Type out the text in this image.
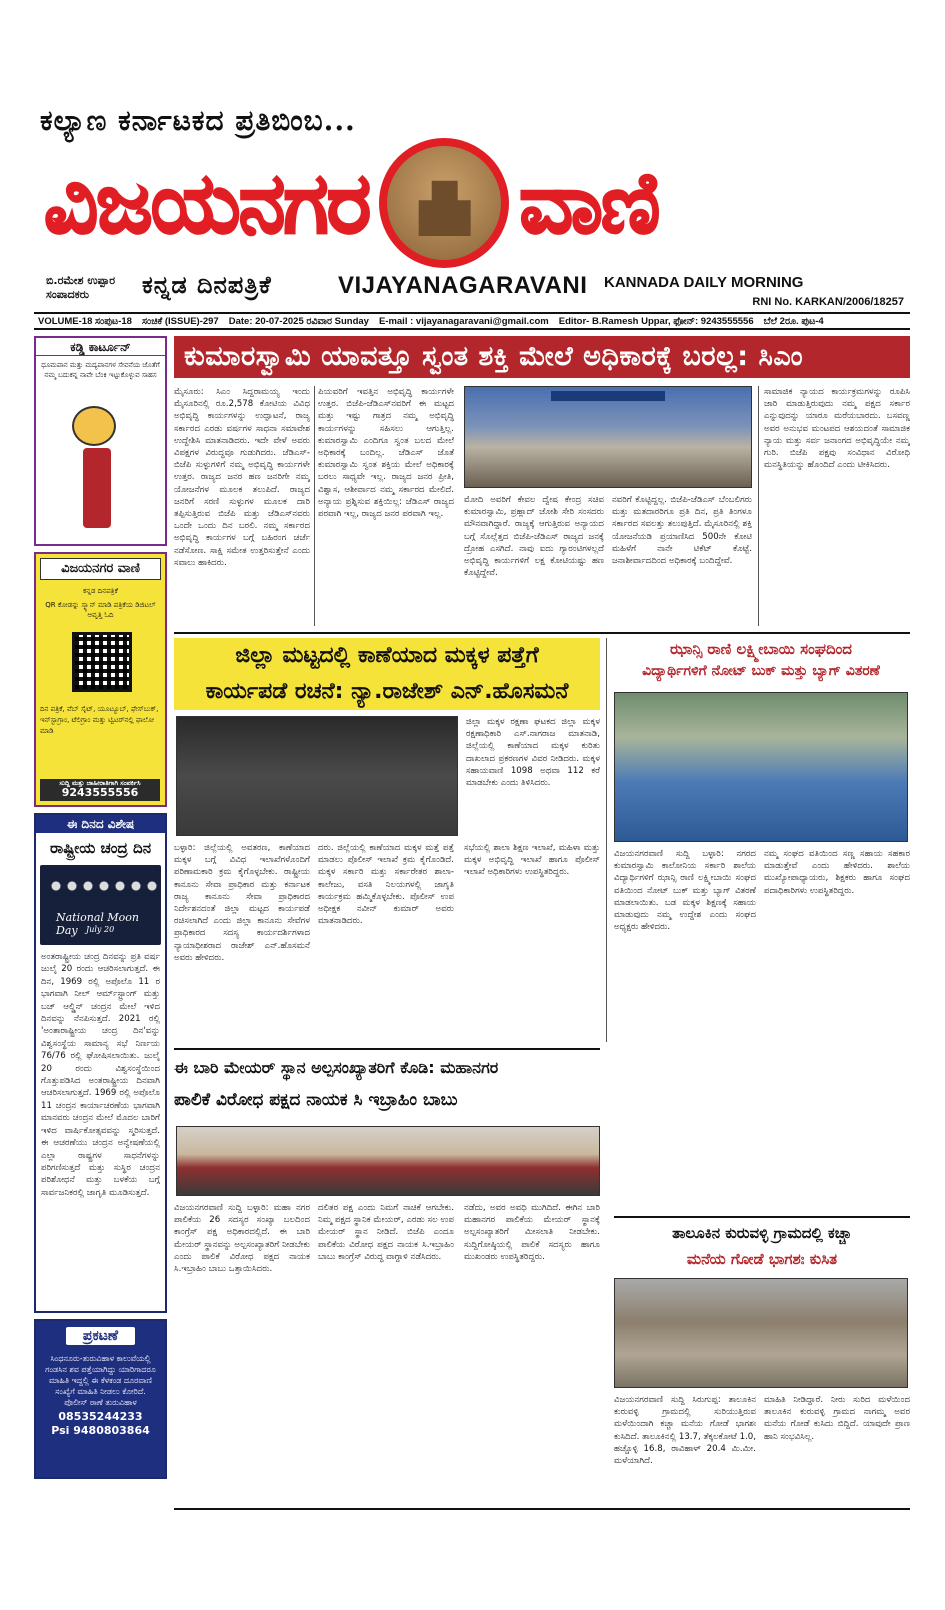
ಕಲ್ಯಾಣ ಕರ್ನಾಟಕದ ಪ್ರತಿಬಿಂಬ...
ವಿಜಯನಗರ ವಾಣಿ
ಬಿ.ರಮೇಶ ಉಪ್ಪಾರ ಸಂಪಾದಕರು	ಕನ್ನಡ ದಿನಪತ್ರಿಕೆ	VIJAYANAGARAVANI KANNADA DAILY MORNING
RNI No. KARKAN/2006/18257
VOLUME-18 ಸಂಪುಟ-18 ಸಂಚಿಕೆ (ISSUE)-297 Date: 20-07-2025 ರವಿವಾರ Sunday E-mail : vijayanagaravani@gmail.com Editor- B.Ramesh Uppar, ಫೋನ್: 9243555556 ಬೆಲೆ 2ರೂ. ಪುಟ-4
ಕಡ್ಡಿ ಕಾರ್ಟೂನ್
ಧೂಮಪಾನ ಮತ್ತು ಮದ್ಯಪಾನಗಳ ಸೇವನೆಯ ಜೊತೆಗೆ ನಮ್ಮ ಬದುಕನ್ನ ನಾವೇ ಬೆಂಕಿ ಇಟ್ಟುಕೊಳ್ಳುವ ಸಾಹಸ
ವಿಜಯನಗರ ವಾಣಿ
ಕನ್ನಡ ದಿನಪತ್ರಿಕೆ
QR ಕೋಡನ್ನು ಸ್ಕ್ಯಾನ್ ಮಾಡಿ ಪತ್ರಿಕೆಯ ಡಿಜಿಟಲ್ ಆವೃತ್ತಿ ಓದಿ
ದಿನ ಪತ್ರಿಕೆ, ವೆಬ್ ಸೈಟ್, ಯೂಟ್ಯೂಬ್, ಫೇಸ್‌ಬುಕ್, ಇನ್‌ಸ್ಟಾಗ್ರಾಂ, ಟೆಲಿಗ್ರಾಂ ಮತ್ತು ಟ್ವಿಟರ್‌ನಲ್ಲಿ ಫಾಲೋ ಮಾಡಿ
ಸುದ್ದಿ ಮತ್ತು ಜಾಹೀರಾತಿಗಾಗಿ ಸಂಪರ್ಕಿಸಿ
9243555556
ಈ ದಿನದ ವಿಶೇಷ
ರಾಷ್ಟ್ರೀಯ ಚಂದ್ರ ದಿನ
National Moon Day	July 20
ಅಂತರಾಷ್ಟ್ರೀಯ ಚಂದ್ರ ದಿನವನ್ನು ಪ್ರತಿ ವರ್ಷ ಜುಲೈ 20 ರಂದು ಆಚರಿಸಲಾಗುತ್ತದೆ. ಈ ದಿನ, 1969 ರಲ್ಲಿ ಅಪೊಲೊ 11 ರ ಭಾಗವಾಗಿ ನೀಲ್ ಆರ್ಮ್‌ಸ್ಟ್ರಾಂಗ್ ಮತ್ತು ಬಜ್ ಆಲ್ಡ್ರಿನ್ ಚಂದ್ರನ ಮೇಲೆ ಇಳಿದ ದಿನವನ್ನು ನೆನಪಿಸುತ್ತದೆ. 2021 ರಲ್ಲಿ 'ಅಂತಾರಾಷ್ಟ್ರೀಯ ಚಂದ್ರ ದಿನ'ವನ್ನು ವಿಶ್ವಸಂಸ್ಥೆಯ ಸಾಮಾನ್ಯ ಸಭೆ ನಿರ್ಣಯ 76/76 ರಲ್ಲಿ ಘೋಷಿಸಲಾಯಿತು. ಜುಲೈ 20 ರಂದು ವಿಶ್ವಸಂಸ್ಥೆಯಿಂದ ಗೊತ್ತುಪಡಿಸಿದ ಅಂತರಾಷ್ಟ್ರೀಯ ದಿನವಾಗಿ ಆಚರಿಸಲಾಗುತ್ತದೆ. 1969 ರಲ್ಲಿ ಅಪೊಲೊ 11 ಚಂದ್ರನ ಕಾರ್ಯಾಚರಣೆಯ ಭಾಗವಾಗಿ ಮಾನವರು ಚಂದ್ರನ ಮೇಲೆ ಮೊದಲ ಬಾರಿಗೆ ಇಳಿದ ವಾರ್ಷಿಕೋತ್ಸವವನ್ನು ಸ್ಮರಿಸುತ್ತದೆ. ಈ ಆಚರಣೆಯು ಚಂದ್ರನ ಅನ್ವೇಷಣೆಯಲ್ಲಿ ಎಲ್ಲಾ ರಾಷ್ಟ್ರಗಳ ಸಾಧನೆಗಳನ್ನು ಪರಿಗಣಿಸುತ್ತದೆ ಮತ್ತು ಸುಸ್ಥಿರ ಚಂದ್ರನ ಪರಿಶೋಧನೆ ಮತ್ತು ಬಳಕೆಯ ಬಗ್ಗೆ ಸಾರ್ವಜನಿಕರಲ್ಲಿ ಜಾಗೃತಿ ಮೂಡಿಸುತ್ತದೆ.
ಪ್ರಕಟಣೆ
ಸಿಂಧನೂರು-ತುರುವಿಹಾಳ ಕಾಲುವೆಯಲ್ಲಿ ಗಂಡಸಿನ ಶವ ಪತ್ತೆಯಾಗಿದ್ದು ಯಾರಿಗಾದರೂ ಮಾಹಿತಿ ಇದ್ದಲ್ಲಿ ಈ ಕೆಳಕಂಡ ದೂರವಾಣಿ ಸಂಖ್ಯೆಗೆ ಮಾಹಿತಿ ನೀಡಲು ಕೋರಿದೆ. ಪೊಲೀಸ್ ಠಾಣೆ ತುರುವಿಹಾಳ
08535244233
Psi 9480803864
ಕುಮಾರಸ್ವಾಮಿ ಯಾವತ್ತೂ ಸ್ವಂತ ಶಕ್ತಿ ಮೇಲೆ ಅಧಿಕಾರಕ್ಕೆ ಬರಲ್ಲ: ಸಿಎಂ
ಮೈಸೂರು: ಸಿಎಂ ಸಿದ್ದರಾಮಯ್ಯ ಇಂದು ಮೈಸೂರಿನಲ್ಲಿ ರೂ.2,578 ಕೋಟಿಯ ವಿವಿಧ ಅಭಿವೃದ್ಧಿ ಕಾರ್ಯಗಳನ್ನು ಉದ್ಘಾಟನೆ, ರಾಜ್ಯ ಸರ್ಕಾರದ ಎರಡು ವರ್ಷಗಳ ಸಾಧನಾ ಸಮಾವೇಶ ಉದ್ದೇಶಿಸಿ ಮಾತನಾಡಿದರು. ಇದೇ ವೇಳೆ ಅವರು ವಿಪಕ್ಷಗಳ ವಿರುದ್ಧವೂ ಗುಡುಗಿದರು. ಜೆಡಿಎಸ್-ಬಿಜೆಪಿ ಸುಳ್ಳುಗಳಿಗೆ ನಮ್ಮ ಅಭಿವೃದ್ಧಿ ಕಾರ್ಯಗಳೇ ಉತ್ತರ. ರಾಜ್ಯದ ಜನರ ಹಣ ಜನರಿಗೇ ನಮ್ಮ ಯೋಜನೆಗಳ ಮೂಲಕ ತಲುಪಿದೆ. ರಾಜ್ಯದ ಜನರಿಗೆ ಸರಣಿ ಸುಳ್ಳುಗಳ ಮೂಲಕ ದಾರಿ ತಪ್ಪಿಸುತ್ತಿರುವ ಬಿಜೆಪಿ ಮತ್ತು ಜೆಡಿಎಸ್‌ನವರು ಒಂದೇ ಒಂದು ದಿನ ಬರಲಿ. ನಮ್ಮ ಸರ್ಕಾರದ ಅಭಿವೃದ್ಧಿ ಕಾರ್ಯಗಳ ಬಗ್ಗೆ ಬಹಿರಂಗ ಚರ್ಚೆ ನಡೆಸೋಣ. ಸಾಕ್ಷಿ ಸಮೇತ ಉತ್ತರಿಸುತ್ತೇನೆ ಎಂದು ಸವಾಲು ಹಾಕಿದರು.
ಪಿಯವರಿಗೆ ಇವತ್ತಿನ ಅಭಿವೃದ್ಧಿ ಕಾರ್ಯಗಳೇ ಉತ್ತರ. ಬಿಜೆಪಿ-ಜೆಡಿಎಸ್‌ನವರಿಗೆ ಈ ಮಟ್ಟದ ಮತ್ತು ಇಷ್ಟು ಗಾತ್ರದ ನಮ್ಮ ಅಭಿವೃದ್ಧಿ ಕಾರ್ಯಗಳನ್ನು ಸಹಿಸಲು ಆಗುತ್ತಿಲ್ಲ. ಕುಮಾರಸ್ವಾಮಿ ಎಂದಿಗೂ ಸ್ವಂತ ಬಲದ ಮೇಲೆ ಅಧಿಕಾರಕ್ಕೆ ಬಂದಿಲ್ಲ. ಜೆಡಿಎಸ್ ಜೊತೆ ಕುಮಾರಸ್ವಾಮಿ ಸ್ವಂತ ಶಕ್ತಿಯ ಮೇಲೆ ಅಧಿಕಾರಕ್ಕೆ ಬರಲು ಸಾಧ್ಯವೇ ಇಲ್ಲ. ರಾಜ್ಯದ ಜನರ ಪ್ರೀತಿ, ವಿಶ್ವಾಸ, ಆಶೀರ್ವಾದ ನಮ್ಮ ಸರ್ಕಾರದ ಮೇಲಿದೆ. ಅನ್ಯಾಯ ಪ್ರಶ್ನಿಸುವ ಶಕ್ತಿಯಿಲ್ಲ: ಜೆಡಿಎಸ್ ರಾಜ್ಯದ ಪರವಾಗಿ ಇಲ್ಲ, ರಾಜ್ಯದ ಜನರ ಪರವಾಗಿ ಇಲ್ಲ.
ಮೋದಿ ಅವರಿಗೆ ಕೇವಲ ದ್ವೇಷ ಕೇಂದ್ರ ಸಚಿವ ಕುಮಾರಸ್ವಾಮಿ, ಪ್ರಹ್ಲಾದ್ ಜೋಶಿ ಸೇರಿ ಸಂಸದರು ಮೌನವಾಗಿದ್ದಾರೆ. ರಾಜ್ಯಕ್ಕೆ ಆಗುತ್ತಿರುವ ಅನ್ಯಾಯದ ಬಗ್ಗೆ ಸೊಲ್ಲೆತ್ತದ ಬಿಜೆಪಿ-ಜೆಡಿಎಸ್ ರಾಜ್ಯದ ಜನಕ್ಕೆ ದ್ರೋಹ ಎಸಗಿದೆ. ನಾವು ಐದು ಗ್ಯಾರಂಟಿಗಳಲ್ಲದೆ ಅಭಿವೃದ್ಧಿ ಕಾರ್ಯಗಳಿಗೆ ಲಕ್ಷ ಕೋಟಿಯಷ್ಟು ಹಣ ಕೊಟ್ಟಿದ್ದೇವೆ.
ನವರಿಗೆ ಕೊಟ್ಟಿದ್ದಲ್ಲ. ಬಿಜೆಪಿ-ಜೆಡಿಎಸ್ ಬೆಂಬಲಿಗರು ಮತ್ತು ಮತದಾರರಿಗೂ ಪ್ರತಿ ದಿನ, ಪ್ರತಿ ತಿಂಗಳೂ ಸರ್ಕಾರದ ಸವಲತ್ತು ತಲುಪುತ್ತಿದೆ. ಮೈಸೂರಿನಲ್ಲಿ ಶಕ್ತಿ ಯೋಜನೆಯಡಿ ಪ್ರಯಾಣಿಸಿದ 500ನೇ ಕೋಟಿ ಮಹಿಳೆಗೆ ನಾನೇ ಟಿಕೆಟ್ ಕೊಟ್ಟೆ. ಜನಾಶೀರ್ವಾದದಿಂದ ಅಧಿಕಾರಕ್ಕೆ ಬಂದಿದ್ದೇವೆ.
ಸಾಮಾಜಿಕ ನ್ಯಾಯದ ಕಾರ್ಯಕ್ರಮಗಳನ್ನು ರೂಪಿಸಿ ಜಾರಿ ಮಾಡುತ್ತಿರುವುದು ನಮ್ಮ ಪಕ್ಷದ ಸರ್ಕಾರ ಎನ್ನುವುದನ್ನು ಯಾರೂ ಮರೆಯಬಾರದು. ಬಸವಣ್ಣ ಅವರ ಅನುಭವ ಮಂಟಪದ ಆಶಯದಂತೆ ಸಾಮಾಜಿಕ ನ್ಯಾಯ ಮತ್ತು ಸರ್ವ ಜನಾಂಗದ ಅಭಿವೃದ್ಧಿಯೇ ನಮ್ಮ ಗುರಿ. ಬಿಜೆಪಿ ಪಕ್ಷವು ಸಂವಿಧಾನ ವಿರೋಧಿ ಮನಸ್ಥಿತಿಯನ್ನು ಹೊಂದಿದೆ ಎಂದು ಟೀಕಿಸಿದರು.
ಜಿಲ್ಲಾ ಮಟ್ಟದಲ್ಲಿ ಕಾಣೆಯಾದ ಮಕ್ಕಳ ಪತ್ತೆಗೆ
ಕಾರ್ಯಪಡೆ ರಚನೆ: ನ್ಯಾ.ರಾಜೇಶ್ ಎನ್.ಹೊಸಮನೆ
ಜಿಲ್ಲಾ ಮಕ್ಕಳ ರಕ್ಷಣಾ ಘಟಕದ ಜಿಲ್ಲಾ ಮಕ್ಕಳ ರಕ್ಷಣಾಧಿಕಾರಿ ಎಸ್.ನಾಗರಾಜ ಮಾತನಾಡಿ, ಜಿಲ್ಲೆಯಲ್ಲಿ ಕಾಣೆಯಾದ ಮಕ್ಕಳ ಕುರಿತು ದಾಖಲಾದ ಪ್ರಕರಣಗಳ ವಿವರ ನೀಡಿದರು. ಮಕ್ಕಳ ಸಹಾಯವಾಣಿ 1098 ಅಥವಾ 112 ಕರೆ ಮಾಡಬೇಕು ಎಂದು ತಿಳಿಸಿದರು.
ಬಳ್ಳಾರಿ: ಜಿಲ್ಲೆಯಲ್ಲಿ ಅವತರಣ, ಕಾಣೆಯಾದ ಮಕ್ಕಳ ಬಗ್ಗೆ ವಿವಿಧ ಇಲಾಖೆಗಳೊಂದಿಗೆ ಪರಿಣಾಮಕಾರಿ ಕ್ರಮ ಕೈಗೊಳ್ಳಬೇಕು. ರಾಷ್ಟ್ರೀಯ ಕಾನೂನು ಸೇವಾ ಪ್ರಾಧಿಕಾರ ಮತ್ತು ಕರ್ನಾಟಕ ರಾಜ್ಯ ಕಾನೂನು ಸೇವಾ ಪ್ರಾಧಿಕಾರದ ನಿರ್ದೇಶನದಂತೆ ಜಿಲ್ಲಾ ಮಟ್ಟದ ಕಾರ್ಯಪಡೆ ರಚಿಸಲಾಗಿದೆ ಎಂದು ಜಿಲ್ಲಾ ಕಾನೂನು ಸೇವೆಗಳ ಪ್ರಾಧಿಕಾರದ ಸದಸ್ಯ ಕಾರ್ಯದರ್ಶಿಗಳಾದ ನ್ಯಾಯಾಧೀಶರಾದ ರಾಜೇಶ್ ಎನ್.ಹೊಸಮನೆ ಅವರು ಹೇಳಿದರು.
ದರು. ಜಿಲ್ಲೆಯಲ್ಲಿ ಕಾಣೆಯಾದ ಮಕ್ಕಳ ಮತ್ತೆ ಪತ್ತೆ ಮಾಡಲು ಪೊಲೀಸ್ ಇಲಾಖೆ ಕ್ರಮ ಕೈಗೊಂಡಿದೆ. ಮಕ್ಕಳ ಸರ್ಕಾರಿ ಮತ್ತು ಸರ್ಕಾರೇತರ ಶಾಲಾ-ಕಾಲೇಜು, ವಸತಿ ನಿಲಯಗಳಲ್ಲಿ ಜಾಗೃತಿ ಕಾರ್ಯಕ್ರಮ ಹಮ್ಮಿಕೊಳ್ಳಬೇಕು. ಪೊಲೀಸ್ ಉಪ ಅಧೀಕ್ಷಕ ನವೀನ್ ಕುಮಾರ್ ಅವರು ಮಾತನಾಡಿದರು.
ಸಭೆಯಲ್ಲಿ ಶಾಲಾ ಶಿಕ್ಷಣ ಇಲಾಖೆ, ಮಹಿಳಾ ಮತ್ತು ಮಕ್ಕಳ ಅಭಿವೃದ್ಧಿ ಇಲಾಖೆ ಹಾಗೂ ಪೊಲೀಸ್ ಇಲಾಖೆ ಅಧಿಕಾರಿಗಳು ಉಪಸ್ಥಿತರಿದ್ದರು.
ಝಾನ್ಸಿ ರಾಣಿ ಲಕ್ಷ್ಮೀಬಾಯಿ ಸಂಘದಿಂದ
ವಿದ್ಯಾರ್ಥಿಗಳಿಗೆ ನೋಟ್ ಬುಕ್ ಮತ್ತು ಬ್ಯಾಗ್ ವಿತರಣೆ
ವಿಜಯನಗರವಾಣಿ ಸುದ್ದಿ ಬಳ್ಳಾರಿ: ನಗರದ ಕುಮಾರಸ್ವಾಮಿ ಕಾಲೋನಿಯ ಸರ್ಕಾರಿ ಶಾಲೆಯ ವಿದ್ಯಾರ್ಥಿಗಳಿಗೆ ಝಾನ್ಸಿ ರಾಣಿ ಲಕ್ಷ್ಮೀಬಾಯಿ ಸಂಘದ ವತಿಯಿಂದ ನೋಟ್ ಬುಕ್ ಮತ್ತು ಬ್ಯಾಗ್ ವಿತರಣೆ ಮಾಡಲಾಯಿತು. ಬಡ ಮಕ್ಕಳ ಶಿಕ್ಷಣಕ್ಕೆ ಸಹಾಯ ಮಾಡುವುದು ನಮ್ಮ ಉದ್ದೇಶ ಎಂದು ಸಂಘದ ಅಧ್ಯಕ್ಷರು ಹೇಳಿದರು.
ನಮ್ಮ ಸಂಘದ ವತಿಯಿಂದ ಸಣ್ಣ ಸಹಾಯ ಸಹಕಾರ ಮಾಡುತ್ತೇವೆ ಎಂದು ಹೇಳಿದರು. ಶಾಲೆಯ ಮುಖ್ಯೋಪಾಧ್ಯಾಯರು, ಶಿಕ್ಷಕರು ಹಾಗೂ ಸಂಘದ ಪದಾಧಿಕಾರಿಗಳು ಉಪಸ್ಥಿತರಿದ್ದರು.
ಈ ಬಾರಿ ಮೇಯರ್ ಸ್ಥಾನ ಅಲ್ಪಸಂಖ್ಯಾತರಿಗೆ ಕೊಡಿ: ಮಹಾನಗರ
ಪಾಲಿಕೆ ವಿರೋಧ ಪಕ್ಷದ ನಾಯಕ ಸಿ ಇಬ್ರಾಹಿಂ ಬಾಬು
ವಿಜಯನಗರವಾಣಿ ಸುದ್ದಿ ಬಳ್ಳಾರಿ: ಮಹಾ ನಗರ ಪಾಲಿಕೆಯ 26 ಸದಸ್ಯರ ಸಂಖ್ಯಾ ಬಲದಿಂದ ಕಾಂಗ್ರೆಸ್ ಪಕ್ಷ ಅಧಿಕಾರದಲ್ಲಿದೆ. ಈ ಬಾರಿ ಮೇಯರ್ ಸ್ಥಾನವನ್ನು ಅಲ್ಪಸಂಖ್ಯಾತರಿಗೆ ನೀಡಬೇಕು ಎಂದು ಪಾಲಿಕೆ ವಿರೋಧ ಪಕ್ಷದ ನಾಯಕ ಸಿ.ಇಬ್ರಾಹಿಂ ಬಾಬು ಒತ್ತಾಯಿಸಿದರು.
ದಲಿತರ ಪಕ್ಷ ಎಂದು ನಿಮಗೆ ನಾಚಿಕೆ ಆಗಬೇಕು. ನಿಮ್ಮ ಪಕ್ಷದ ಸ್ಥಾನಿಕ ಮೇಯರ್, ಎರಡು ಸಲ ಉಪ ಮೇಯರ್ ಸ್ಥಾನ ನೀಡಿದೆ. ಬಿಜೆಪಿ ಎಂದೂ ಪಾಲಿಕೆಯ ವಿರೋಧ ಪಕ್ಷದ ನಾಯಕ ಸಿ.ಇಬ್ರಾಹಿಂ ಬಾಬು ಕಾಂಗ್ರೆಸ್ ವಿರುದ್ಧ ವಾಗ್ದಾಳಿ ನಡೆಸಿದರು.
ನಡೆದು, ಅವರ ಅವಧಿ ಮುಗಿದಿದೆ. ಈಗಿನ ಬಾರಿ ಮಹಾನಗರ ಪಾಲಿಕೆಯ ಮೇಯರ್ ಸ್ಥಾನಕ್ಕೆ ಅಲ್ಪಸಂಖ್ಯಾತರಿಗೆ ಮೀಸಲಾತಿ ನೀಡಬೇಕು. ಸುದ್ದಿಗೋಷ್ಠಿಯಲ್ಲಿ ಪಾಲಿಕೆ ಸದಸ್ಯರು ಹಾಗೂ ಮುಖಂಡರು ಉಪಸ್ಥಿತರಿದ್ದರು.
ತಾಲೂಕಿನ ಕುರುವಳ್ಳಿ ಗ್ರಾಮದಲ್ಲಿ ಕಚ್ಚಾ
ಮನೆಯ ಗೋಡೆ ಭಾಗಶಃ ಕುಸಿತ
ವಿಜಯನಗರವಾಣಿ ಸುದ್ದಿ ಸಿರುಗುಪ್ಪ: ತಾಲೂಕಿನ ಕುರುವಳ್ಳಿ ಗ್ರಾಮದಲ್ಲಿ ಸುರಿಯುತ್ತಿರುವ ಮಳೆಯಿಂದಾಗಿ ಕಚ್ಚಾ ಮನೆಯ ಗೋಡೆ ಭಾಗಶಃ ಕುಸಿದಿದೆ. ತಾಲೂಕಿನಲ್ಲಿ 13.7, ತೆಕ್ಕಲಕೋಟೆ 1.0, ಹಚ್ಚೊಳ್ಳಿ 16.8, ರಾವಿಹಾಳ್ 20.4 ಮಿ.ಮೀ. ಮಳೆಯಾಗಿದೆ.
ಮಾಹಿತಿ ನೀಡಿದ್ದಾರೆ. ನೀರು ಸುರಿದ ಮಳೆಯಿಂದ ತಾಲೂಕಿನ ಕುರುವಳ್ಳಿ ಗ್ರಾಮದ ನಾಗಮ್ಮ ಅವರ ಮನೆಯ ಗೋಡೆ ಕುಸಿದು ಬಿದ್ದಿದೆ. ಯಾವುದೇ ಪ್ರಾಣ ಹಾನಿ ಸಂಭವಿಸಿಲ್ಲ.
